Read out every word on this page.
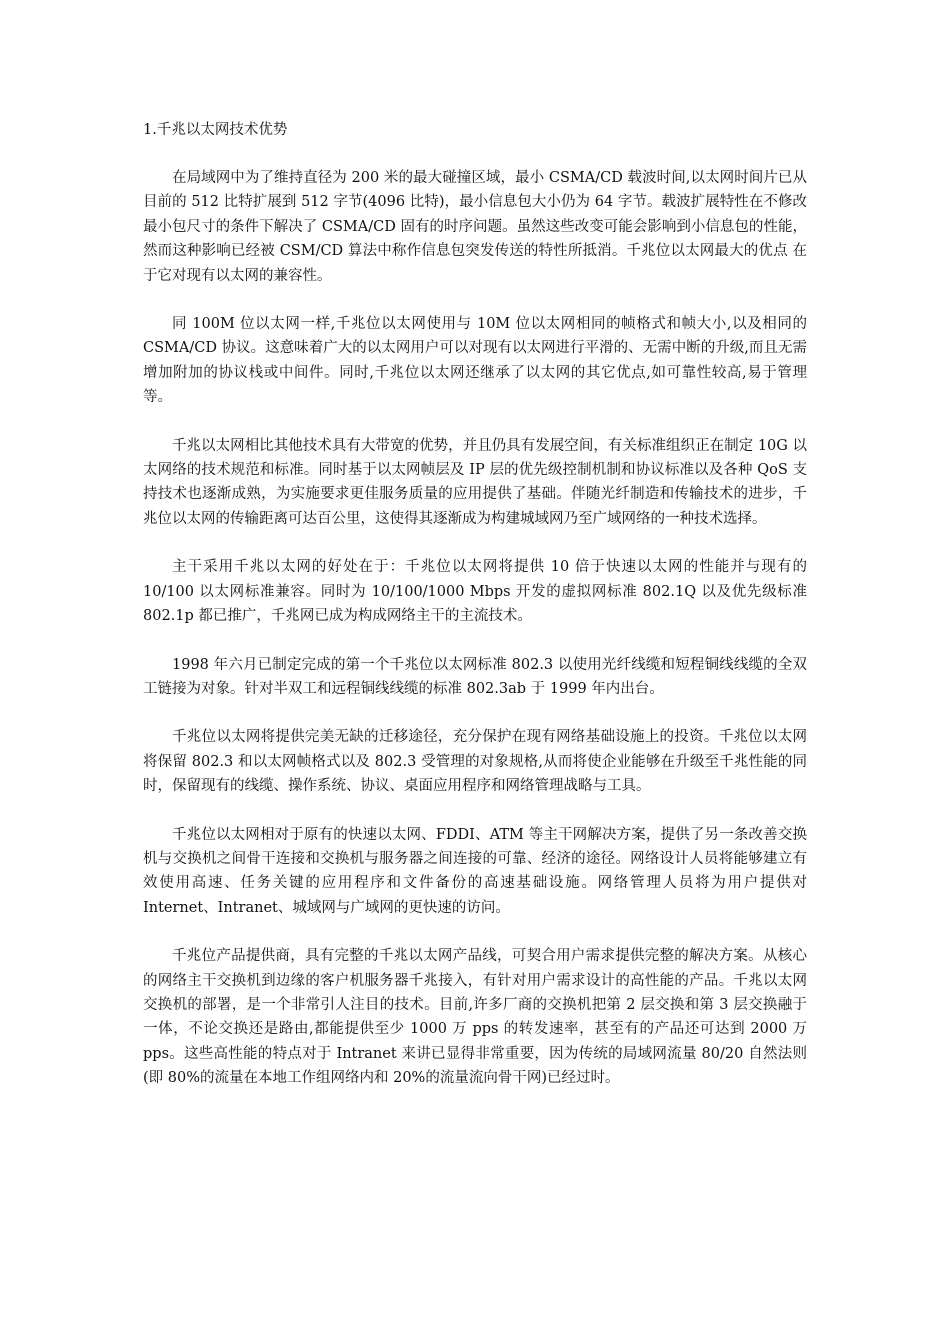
1.千兆以太网技术优势

在局域网中为了维持直径为 200 米的最大碰撞区域，最小 CSMA/CD 载波时间,以太网时间片已从目前的 512 比特扩展到 512 字节(4096 比特)，最小信息包大小仍为 64 字节。载波扩展特性在不修改最小包尺寸的条件下解决了 CSMA/CD 固有的时序问题。虽然这些改变可能会影响到小信息包的性能，然而这种影响已经被 CSM/CD 算法中称作信息包突发传送的特性所抵消。千兆位以太网最大的优点 在于它对现有以太网的兼容性。

同 100M 位以太网一样,千兆位以太网使用与 10M 位以太网相同的帧格式和帧大小,以及相同的 CSMA/CD 协议。这意味着广大的以太网用户可以对现有以太网进行平滑的、无需中断的升级,而且无需增加附加的协议栈或中间件。同时,千兆位以太网还继承了以太网的其它优点,如可靠性较高,易于管理等。

千兆以太网相比其他技术具有大带宽的优势，并且仍具有发展空间，有关标准组织正在制定 10G 以太网络的技术规范和标准。同时基于以太网帧层及 IP 层的优先级控制机制和协议标准以及各种 QoS 支持技术也逐渐成熟，为实施要求更佳服务质量的应用提供了基础。伴随光纤制造和传输技术的进步，千兆位以太网的传输距离可达百公里，这使得其逐渐成为构建城域网乃至广域网络的一种技术选择。

主干采用千兆以太网的好处在于：千兆位以太网将提供 10 倍于快速以太网的性能并与现有的 10/100 以太网标准兼容。同时为 10/100/1000 Mbps 开发的虚拟网标准 802.1Q 以及优先级标准 802.1p 都已推广，千兆网已成为构成网络主干的主流技术。

1998 年六月已制定完成的第一个千兆位以太网标准 802.3 以使用光纤线缆和短程铜线线缆的全双工链接为对象。针对半双工和远程铜线线缆的标准 802.3ab 于 1999 年内出台。

千兆位以太网将提供完美无缺的迁移途径，充分保护在现有网络基础设施上的投资。千兆位以太网将保留 802.3 和以太网帧格式以及 802.3 受管理的对象规格,从而将使企业能够在升级至千兆性能的同时，保留现有的线缆、操作系统、协议、桌面应用程序和网络管理战略与工具。

千兆位以太网相对于原有的快速以太网、FDDI、ATM 等主干网解决方案，提供了另一条改善交换机与交换机之间骨干连接和交换机与服务器之间连接的可靠、经济的途径。网络设计人员将能够建立有效使用高速、任务关键的应用程序和文件备份的高速基础设施。网络管理人员将为用户提供对 Internet、Intranet、城域网与广域网的更快速的访问。

千兆位产品提供商，具有完整的千兆以太网产品线，可契合用户需求提供完整的解决方案。从核心的网络主干交换机到边缘的客户机服务器千兆接入，有针对用户需求设计的高性能的产品。千兆以太网交换机的部署，是一个非常引人注目的技术。目前,许多厂商的交换机把第 2 层交换和第 3 层交换融于一体，不论交换还是路由,都能提供至少 1000 万 pps 的转发速率，甚至有的产品还可达到 2000 万 pps。这些高性能的特点对于 Intranet 来讲已显得非常重要，因为传统的局域网流量 80/20 自然法则(即 80%的流量在本地工作组网络内和 20%的流量流向骨干网)已经过时。
